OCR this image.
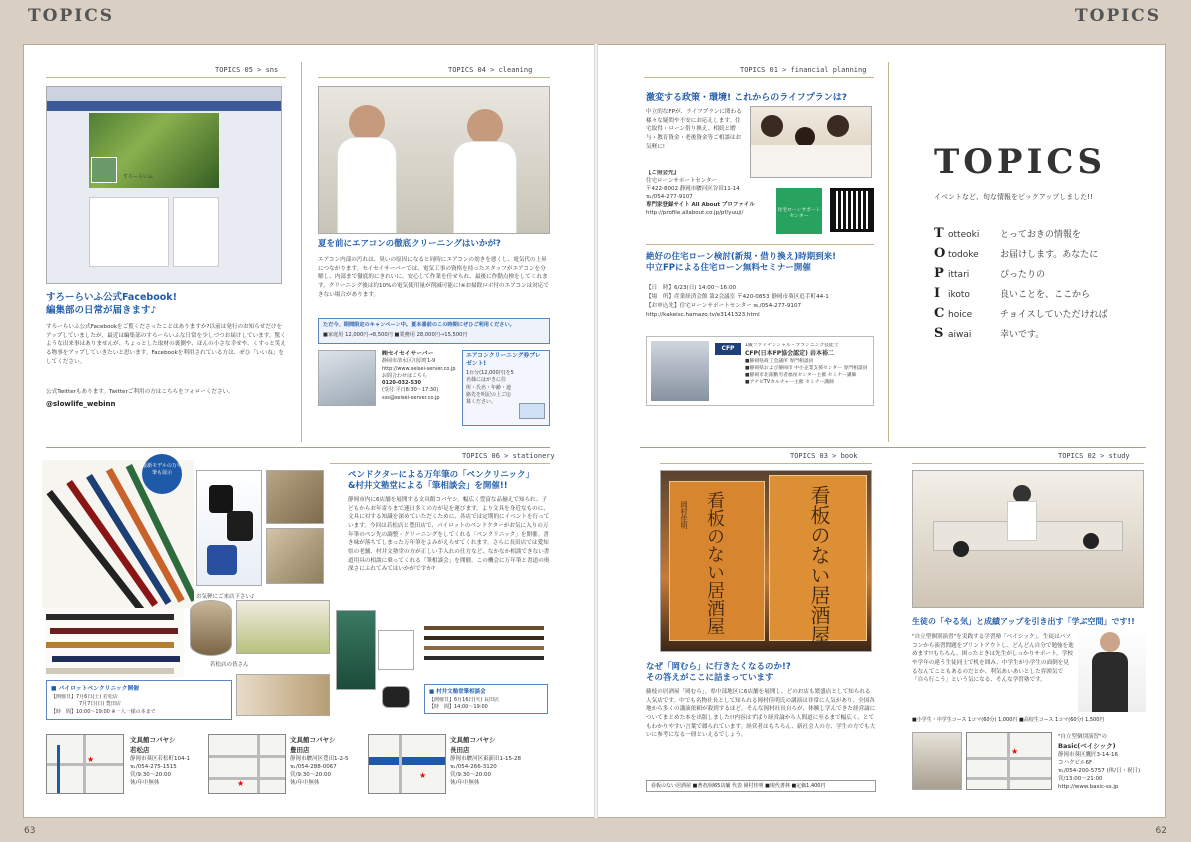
TOPICS	TOPICS
TOPICS 05 > sns
すろーらいふ
すろーらいふ公式Facebook!
編集部の日常が届きます♪
すろーらいふ公式Facebookをご覧くださったことはありますか?以前は発行のお知らせだけをアップしていましたが、最近は編集部のすろーらいふな日常を少しづつお届けしています。驚くような出来事はありませんが、ちょっとした取材の裏側や、ほんの小さな幸せや、くすっと笑える物事をアップしていきたいと思います。Facebookを利用されている方は、ぜひ「いいね」をしてください。
公式Twitterもあります。Twitterご利用の方はこちらをフォローください。
@slowlife_webinn
TOPICS 04 > cleaning
夏を前にエアコンの徹底クリーニングはいかが?
エアコン内部の汚れは、臭いの原因になると同時にエアコンの効きを悪くし、電気代の上昇につながります。セイセイサーバーでは、電気工事の資格を持ったスタッフがエアコンを分解し、内部まで徹底的にきれいに。安心して作業を任せられ、最後に作動点検をしてくれます。クリーニング後は約10%の電気使用量が削減可能に!※お掃除ロボ付のエアコンは対応できない場合があります。
ただ今、期間限定のキャンペーン中。夏本番前のこの時期にぜひご利用ください。
■家庭用 12,000円→8,500円 ■業務用 28,000円→15,500円
㈱セイセイサーバー
静岡市清水区川原町1-9
http://www.seisei-server.co.jp
お問合わせはこちら
0120-032-530
(受付:平日8:30〜17:30)
sss@seisei-server.co.jp
エアコンクリーニング券プレゼント!
1台分(12,000円)を5名様にはがきに住所・氏名・年齢・連絡先を明記の上ご応募ください。
TOPICS 06 > stationery
最新モデルの万年筆も展示
お気軽にご来店下さい♪
若松店の皆さん
ペンドクターによる万年筆の「ペンクリニック」
&村井文塾堂による「筆相談会」を開催!!
静岡市内に6店舗を展開する文具館コバヤシ。幅広く豊富な品揃えで知られ、子どもからお年寄りまで連日多くの方が足を運びます。より文具を身近なものに、文具に対する知識を深めていただくために、各店では定期的にイベントを行っています。今回は若松店と豊田店で、パイロットのペンドクターがお気に入りの万年筆のペン先の調整・クリーニングをしてくれる「ペンクリニック」を開催。書き味が落ちてしまった万年筆をよみがえらせてくれます。さらに長田店では愛知県の老舗、村井文塾堂の方が正しい手入れの仕方など、なかなか相談できない書道用具の相談に乗ってくれる「筆相談会」を開催。この機会に万年筆と書道の奥深さにふれてみてはいかがですか?
■ パイロットペンクリニック開催
【開催日】7月6日(土) 若松店
7月7日(日) 豊田店
【時　間】10:00〜19:00 ※一人一様の本まで
■ 村井文塾堂筆相談会
【開催日】6月16日(火) 長田店
【時　間】14:00〜19:00
★
文具館コバヤシ
若松店
静岡市葵区若松町104-1
℡/054-275-1515
営/9:30〜20:00
休/年中無休	★
文具館コバヤシ
豊田店
静岡市駿河区豊田1-2-5
℡/054-288-0067
営/9:30〜20:00
休/年中無休
★
文具館コバヤシ
長田店
静岡市駿河区東新田1-15-28
℡/054-266-3120
営/9:30〜20:00
休/年中無休
63
TOPICS 01 > financial planning
激変する政策・環境! これからのライフプランは?
中立的なFPが、ライフプランに関わる様々な疑問や不安にお応えします。住宅取得・ローン借り換え、相続と贈与・教育資金・老後資金等ご相談はお気軽に!
【ご照会先】
住宅ローンサポートセンター
〒422-8002 静岡市駿河区谷田11-14
℡/054-277-9107
専門家登録サイト All About プロファイル
http://profile.allabout.co.jp/pf/yuuji/	住宅ローンサポートセンター
絶好の住宅ローン検討(新規・借り換え)時期到来!
中立FPによる住宅ローン無料セミナー開催
【日　時】6/23(日) 14:00〜16:00
【場　所】産業経済会館 第2会議室 〒420-0853 静岡市葵区追手町44-1
【お申込先】住宅ローンサポートセンター ℡/054-277-9107
http://kakeisc.hamazo.tv/e3141323.html
CFP	1級ファイナンシャル・プランニング技能士
CFP(日本FP協会認定) 岩本裕二
■静岡県商工会議所 専門相談員
■静岡県および静岡市 中小企業支援センター 専門相談員
■静岡市北部勤労者福祉センター主催 セミナー講師
■アナビTVカルチャー主催 セミナー講師
TOPICS
イベントなど、旬な情報をピックアップしました!!
T otteoki とっておきの情報を
O todoke お届けします。あなたに
P ittari	ぴったりの
I ikoto	良いことを、ここから
C hoice	チョイスしていただければ
S aiwai	幸いです。
TOPICS 03 > book
看板のない居酒屋	看板のない居酒屋
岡村佳明
なぜ「岡むら」に行きたくなるのか!?
その答えがここに詰まっています
藤枝の居酒屋「岡むら」。県中部地区に6店舗を展開し、どのお店も繁盛店として知られる人気店です。中でも名物社長として知られる岡村佳明氏の講演は非常に人気があり、全国各地から多くの講演依頼が殺到するほど。そんな岡村社長自らが、体験し学んできた経営論についてまとめた本を出版しました!!内容はずばり経営論から人間道に至るまで幅広く、とてもわかりやすい言葉で綴られています。経営者はもちろん、新社会人の方、学生の方でも大いに参考になる一冊といえるでしょう。
看板のない居酒屋 ■著者/岡65店舗 代表 岡村佳明 ■現代書林 ■定価1,400円
TOPICS 02 > study
生徒の「やる気」と成績アップを引き出す「学ぶ空間」です!!
"自立型個別演習"を実践する学習塾「ベイシック」。生徒はパソコンから演習問題をプリントアウトし、どんどん自分で勉強を進めます!!もちろん、困ったときは先生がしっかりサポート。学校や学年の違う生徒同士で机を囲み、中学生が小学生の面倒を見るなんてこともあるのだとか。利気あいあいとした雰囲気で「自ら行こう」という気になる、そんな学習塾です。
■小学生・中学生コース 1コマ(60分) 1,000円 ■高校生コース 1コマ(60分) 1,500円
★
"自立型個別演習"の
Basic(ベイシック)
静岡市葵区鷹匠3-14-16
コハクビル6F
℡/054-200-5757 (休/日・祝日)
営/13:00〜21:00
http://www.basic-ss.jp
62
